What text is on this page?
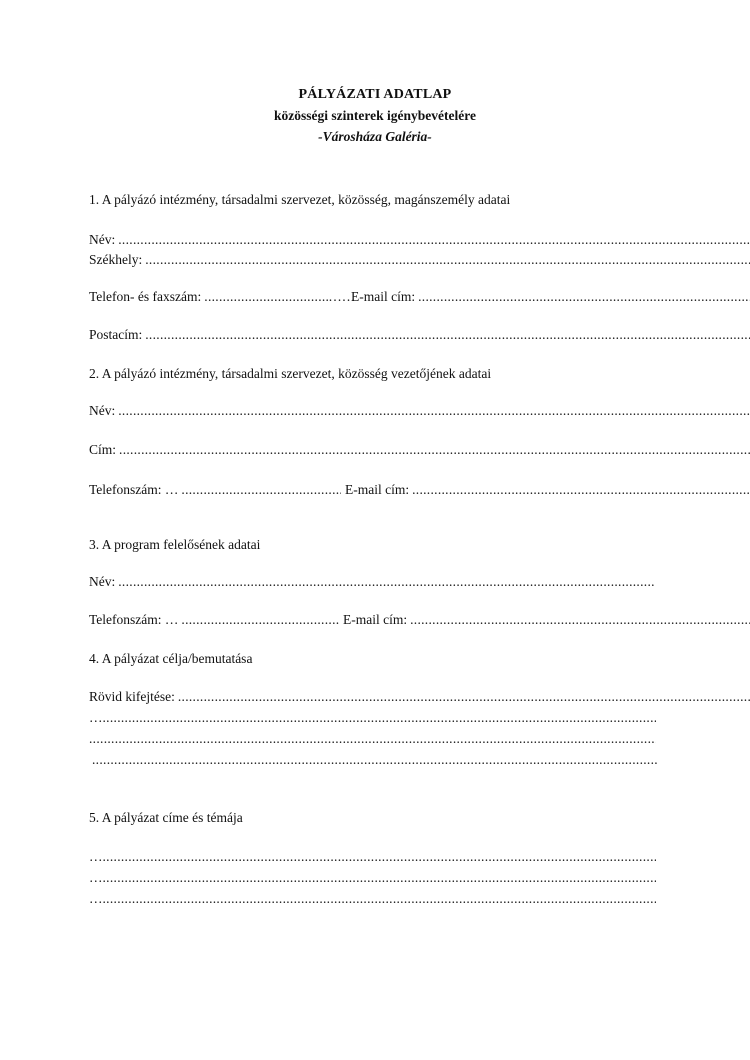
PÁLYÁZATI ADATLAP
közösségi szinterek igénybevételére
-Városháza Galéria-
1. A pályázó intézmény, társadalmi szervezet, közösség, magánszemély adatai
Név:
.....
Székhely:
.....
Telefon- és faxszám: .....	……
E-mail cím:
.....
Postacím:
.....
2. A pályázó intézmény, társadalmi szervezet, közösség vezetőjének adatai
Név:
.....
Cím:
.....
Telefonszám: … .....	E-mail cím:
.....
3. A program felelősének adatai
Név:
.....
Telefonszám: … .....	E-mail cím:
.....
4. A pályázat célja/bemutatása
Rövid kifejtése:
.....
…
.....
.....
.....
5. A pályázat címe és témája
…
.....
…
.....
…
.....
